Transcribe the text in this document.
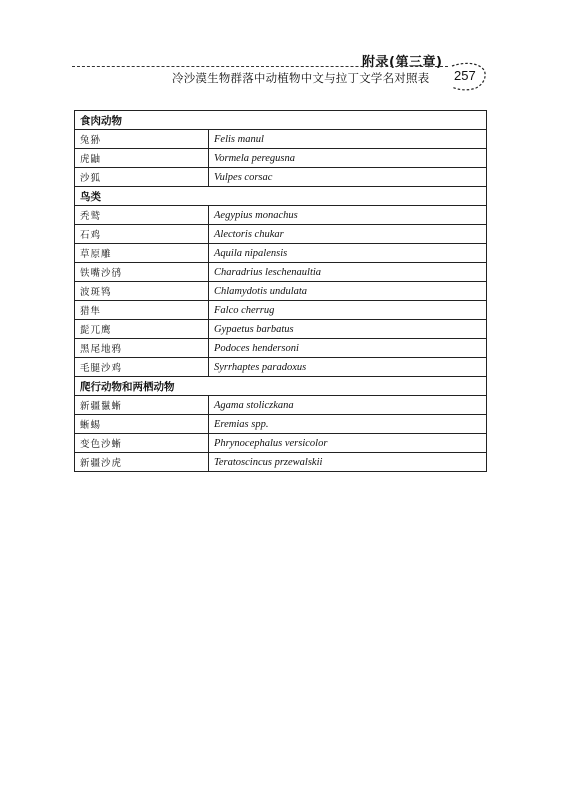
附录(第三章)
冷沙漠生物群落中动植物中文与拉丁文学名对照表 257
食肉动物	
兔狲	Felis manul
虎鼬	Vormela peregusna
沙狐	Vulpes corsac
鸟类	
秃鹫	Aegypius monachus
石鸡	Alectoris chukar
草原雕	Aquila nipalensis
铁嘴沙鸻	Charadrius leschenaultia
波斑鸨	Chlamydotis undulata
猎隼	Falco cherrug
髭兀鹰	Gypaetus barbatus
黑尾地鸦	Podoces hendersoni
毛腿沙鸡	Syrrhaptes paradoxus
爬行动物和两栖动物	
新疆鬣蜥	Agama stoliczkana
蜥蜴	Eremias spp.
变色沙蜥	Phrynocephalus versicolor
新疆沙虎	Teratoscincus przewalskii
